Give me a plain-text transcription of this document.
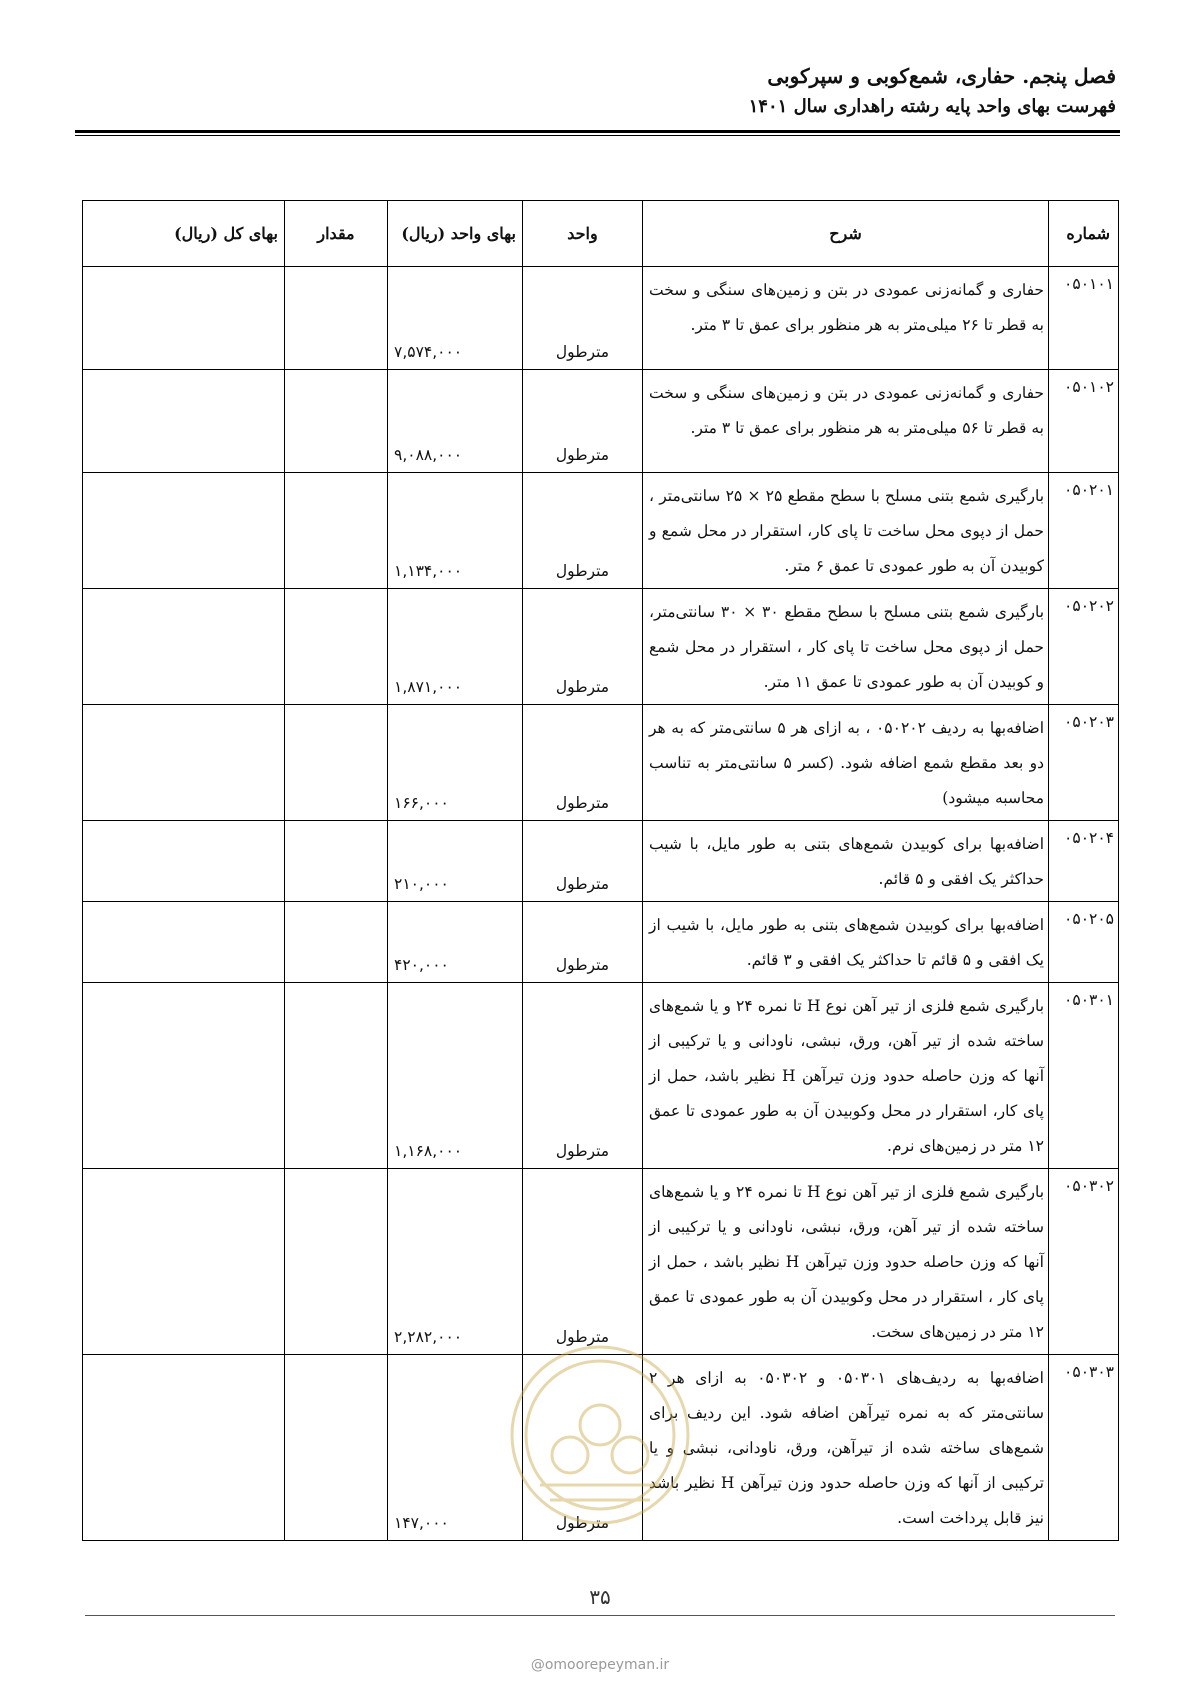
فصل پنجم. حفاری، شمع‌کوبی و سپرکوبی
فهرست بهای واحد پایه رشته راهداری سال ۱۴۰۱
شماره	شرح	واحد	بهای واحد (ریال)	مقدار	بهای کل (ریال)
۰۵۰۱۰۱	حفاری و گمانه‌زنی عمودی در بتن و زمین‌های سنگی و سخت به قطر تا ۲۶ میلی‌متر به هر منظور برای عمق تا ۳ متر.	مترطول	۷,۵۷۴,۰۰۰		
۰۵۰۱۰۲	حفاری و گمانه‌زنی عمودی در بتن و زمین‌های سنگی و سخت به قطر تا ۵۶ میلی‌متر به هر منظور برای عمق تا ۳ متر.	مترطول	۹,۰۸۸,۰۰۰		
۰۵۰۲۰۱	بارگیری شمع بتنی مسلح با سطح مقطع ۲۵ × ۲۵ سانتی‌متر ، حمل از دپوی محل ساخت تا پای کار، استقرار در محل شمع و کوبیدن آن به طور عمودی تا عمق ۶ متر.	مترطول	۱,۱۳۴,۰۰۰		
۰۵۰۲۰۲	بارگیری شمع بتنی مسلح با سطح مقطع ۳۰ × ۳۰ سانتی‌متر، حمل از دپوی محل ساخت تا پای کار ، استقرار در محل شمع و کوبیدن آن به طور عمودی تا عمق ۱۱ متر.	مترطول	۱,۸۷۱,۰۰۰		
۰۵۰۲۰۳	اضافه‌بها به ردیف ۰۵۰۲۰۲ ، به ازای هر ۵ سانتی‌متر که به هر دو بعد مقطع شمع اضافه شود. (کسر ۵ سانتی‌متر به تناسب محاسبه میشود)	مترطول	۱۶۶,۰۰۰		
۰۵۰۲۰۴	اضافه‌بها برای کوبیدن شمع‌های بتنی به طور مایل، با شیب حداکثر یک افقی و ۵ قائم.	مترطول	۲۱۰,۰۰۰		
۰۵۰۲۰۵	اضافه‌بها برای کوبیدن شمع‌های بتنی به طور مایل، با شیب از یک افقی و ۵ قائم تا حداکثر یک افقی و ۳ قائم.	مترطول	۴۲۰,۰۰۰		
۰۵۰۳۰۱	بارگیری شمع فلزی از تیر آهن نوع H تا نمره ۲۴ و یا شمع‌های ساخته شده از تیر آهن، ورق، نبشی، ناودانی و یا ترکیبی از آنها که وزن حاصله حدود وزن تیرآهن H نظیر باشد، حمل از پای کار، استقرار در محل وکوبیدن آن به طور عمودی تا عمق ۱۲ متر در زمین‌های نرم.	مترطول	۱,۱۶۸,۰۰۰		
۰۵۰۳۰۲	بارگیری شمع فلزی از تیر آهن نوع H تا نمره ۲۴ و یا شمع‌های ساخته شده از تیر آهن، ورق، نبشی، ناودانی و یا ترکیبی از آنها که وزن حاصله حدود وزن تیرآهن H نظیر باشد ، حمل از پای کار ، استقرار در محل وکوبیدن آن به طور عمودی تا عمق ۱۲ متر در زمین‌های سخت.	مترطول	۲,۲۸۲,۰۰۰		
۰۵۰۳۰۳	اضافه‌بها به ردیف‌های ۰۵۰۳۰۱ و ۰۵۰۳۰۲ به ازای هر ۲ سانتی‌متر که به نمره تیرآهن اضافه شود. این ردیف برای شمع‌های ساخته شده از تیرآهن، ورق، ناودانی، نبشی و یا ترکیبی از آنها که وزن حاصله حدود وزن تیرآهن H نظیر باشد نیز قابل پرداخت است.	مترطول	۱۴۷,۰۰۰		
۳۵
@omoorepeyman.ir
